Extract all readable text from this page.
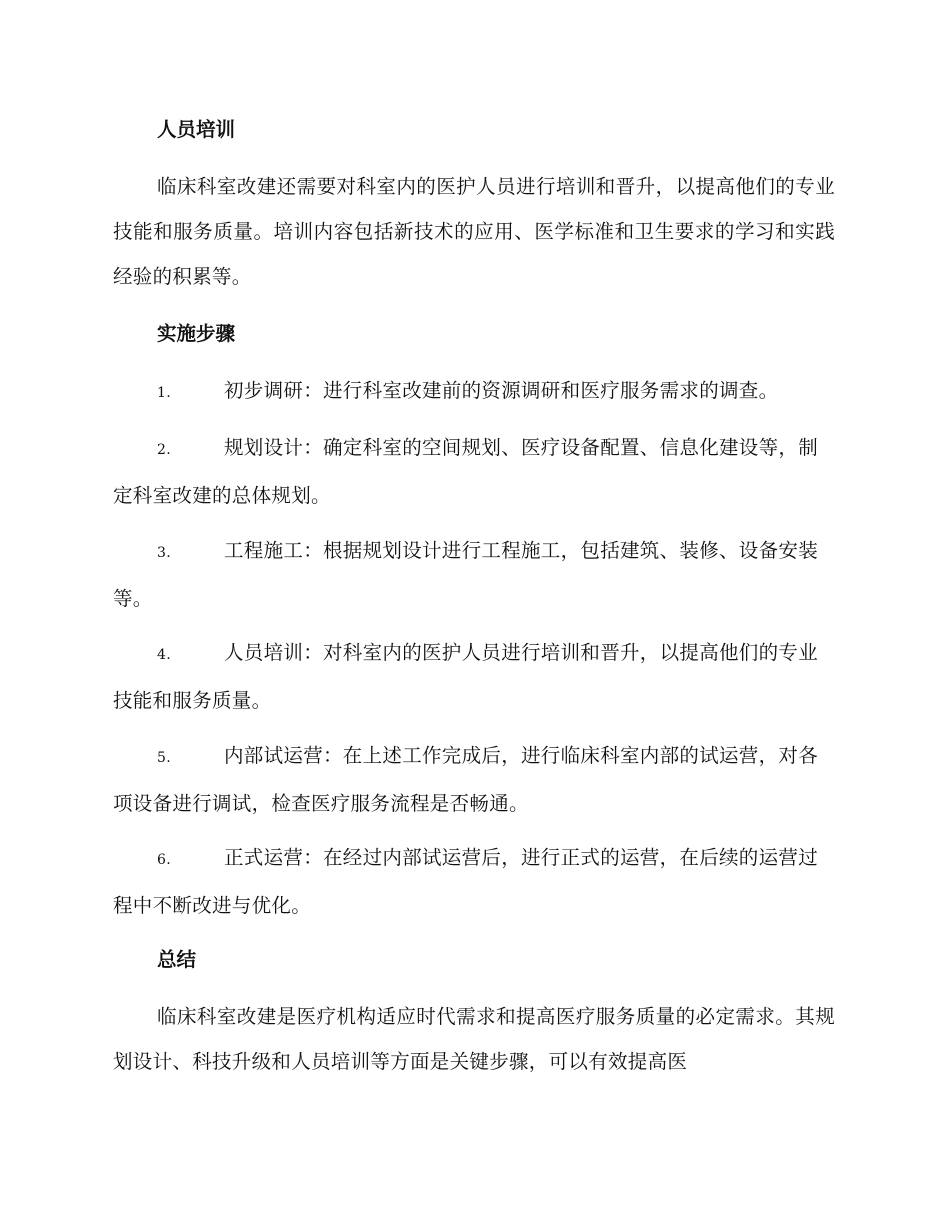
人员培训

临床科室改建还需要对科室内的医护人员进行培训和晋升，以提高他们的专业技能和服务质量。培训内容包括新技术的应用、医学标准和卫生要求的学习和实践经验的积累等。

实施步骤
1.	初步调研：进行科室改建前的资源调研和医疗服务需求的调查。
2.	规划设计：确定科室的空间规划、医疗设备配置、信息化建设等，制定科室改建的总体规划。
3.	工程施工：根据规划设计进行工程施工，包括建筑、装修、设备安装等。
4.	人员培训：对科室内的医护人员进行培训和晋升，以提高他们的专业技能和服务质量。
5.	内部试运营：在上述工作完成后，进行临床科室内部的试运营，对各项设备进行调试，检查医疗服务流程是否畅通。
6.	正式运营：在经过内部试运营后，进行正式的运营，在后续的运营过程中不断改进与优化。
总结

临床科室改建是医疗机构适应时代需求和提高医疗服务质量的必定需求。其规划设计、科技升级和人员培训等方面是关键步骤，可以有效提高医
